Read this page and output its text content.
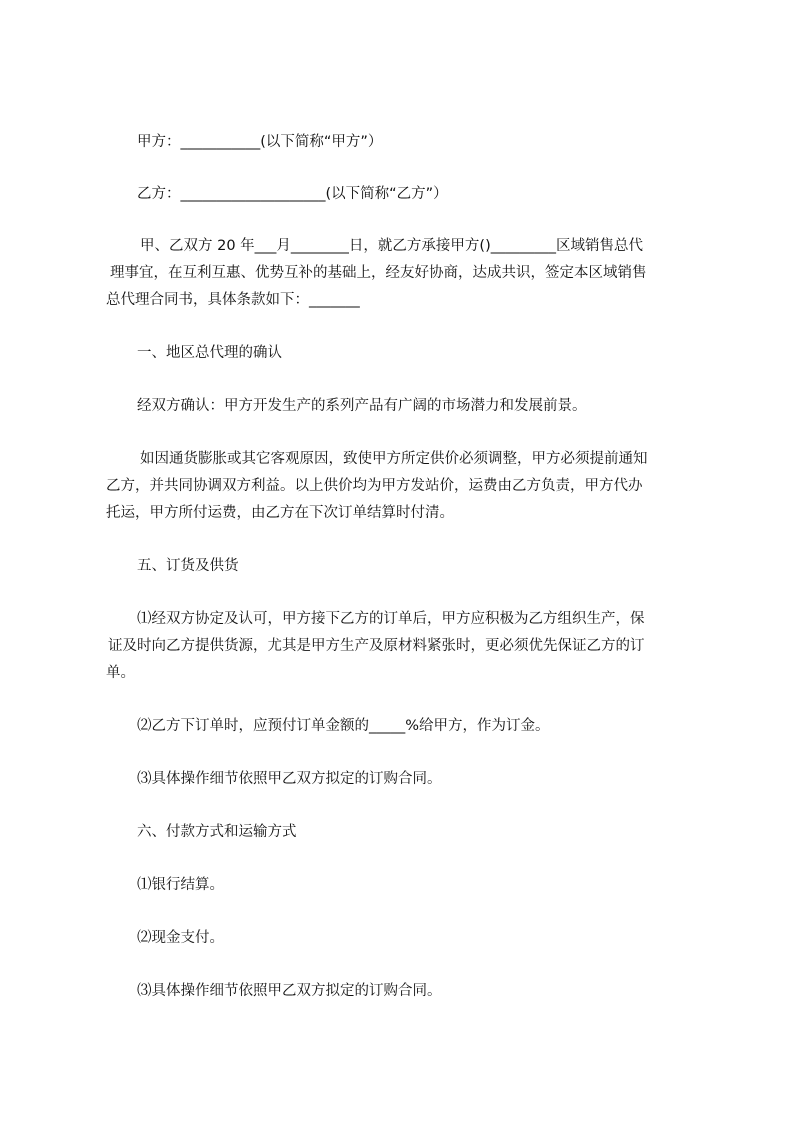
甲方：___________(以下简称“甲方”）
乙方：____________________(以下简称“乙方”）
甲、乙双方 20 年___月________日，就乙方承接甲方()_________区域销售总代
理事宜，在互利互惠、优势互补的基础上，经友好协商，达成共识，签定本区域销售
总代理合同书，具体条款如下：_______
一、地区总代理的确认
经双方确认：甲方开发生产的系列产品有广阔的市场潜力和发展前景。
如因通货膨胀或其它客观原因，致使甲方所定供价必须调整，甲方必须提前通知
乙方，并共同协调双方利益。以上供价均为甲方发站价，运费由乙方负责，甲方代办
托运，甲方所付运费，由乙方在下次订单结算时付清。
五、订货及供货
⑴经双方协定及认可，甲方接下乙方的订单后，甲方应积极为乙方组织生产，保
证及时向乙方提供货源，尤其是甲方生产及原材料紧张时，更必须优先保证乙方的订
单。
⑵乙方下订单时，应预付订单金额的_____%给甲方，作为订金。
⑶具体操作细节依照甲乙双方拟定的订购合同。
六、付款方式和运输方式
⑴银行结算。
⑵现金支付。
⑶具体操作细节依照甲乙双方拟定的订购合同。
